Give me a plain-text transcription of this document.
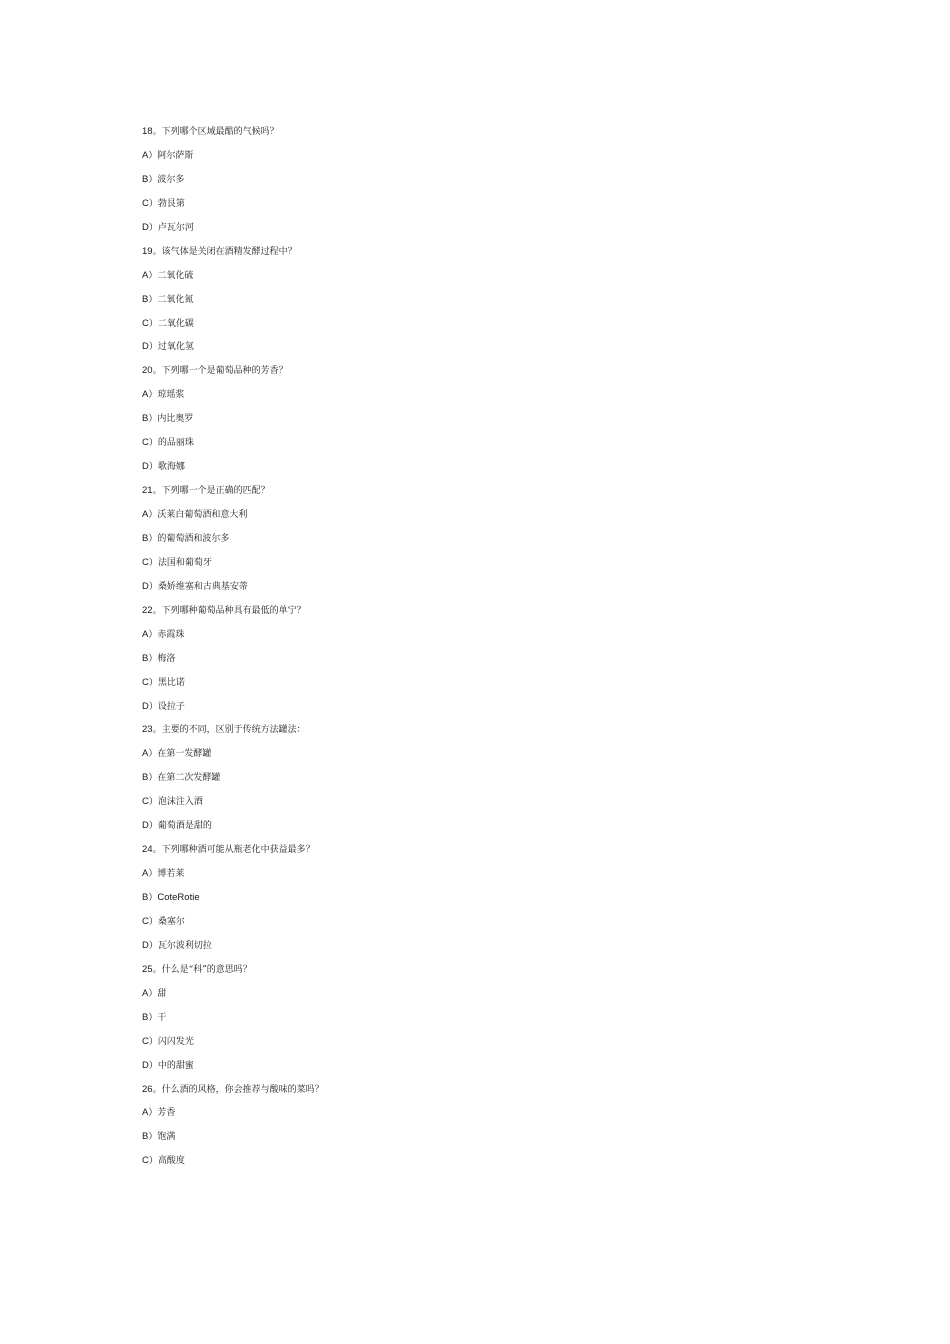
18。下列哪个区域最酷的气候吗？
A）阿尔萨斯
B）波尔多
C）勃艮第
D）卢瓦尔河
19。该气体是关闭在酒精发酵过程中？
A）二氧化硫
B）二氧化氮
C）二氧化碳
D）过氧化氢
20。下列哪一个是葡萄品种的芳香？
A）琼瑶浆
B）内比奥罗
C）的品丽珠
D）歌海娜
21。下列哪一个是正确的匹配？
A）沃莱白葡萄酒和意大利
B）的葡萄酒和波尔多
C）法国和葡萄牙
D）桑娇维塞和古典基安蒂
22。下列哪种葡萄品种具有最低的单宁？
A）赤霞珠
B）梅洛
C）黑比诺
D）设拉子
23。主要的不同，区别于传统方法罐法：
A）在第一发酵罐
B）在第二次发酵罐
C）泡沫注入酒
D）葡萄酒是甜的
24。下列哪种酒可能从瓶老化中获益最多？
A）博若莱
B）CoteRotie
C）桑塞尔
D）瓦尔波利切拉
25。什么是“科”的意思吗？
A）甜
B）干
C）闪闪发光
D）中的甜蜜
26。什么酒的风格，你会推荐与酸味的菜吗？
A）芳香
B）饱满
C）高酸度
